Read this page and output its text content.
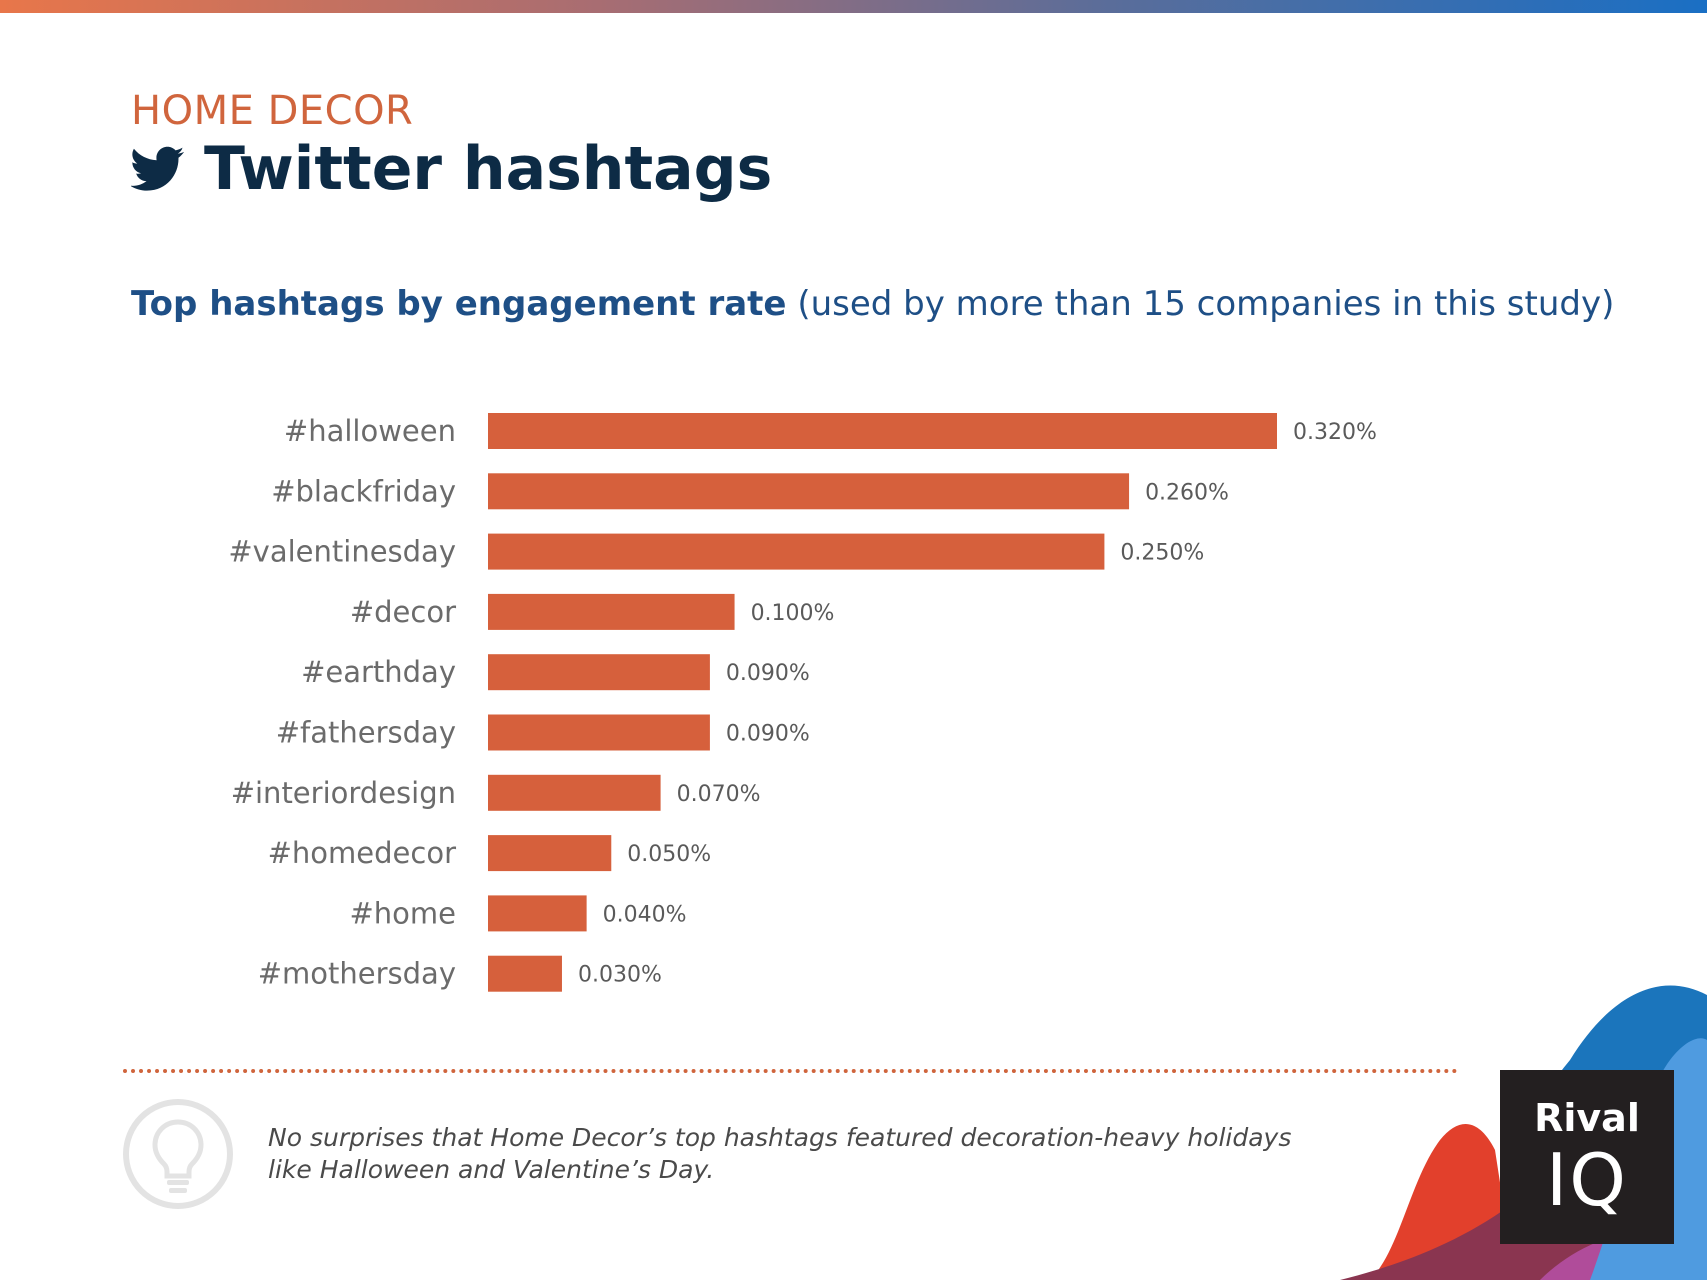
HOME DECOR
Twitter hashtags
Top hashtags by engagement rate (used by more than 15 companies in this study)
#halloween	0.320%
#blackfriday	0.260%
#valentinesday	0.250%
#decor	0.100%
#earthday	0.090%
#fathersday	0.090%
#interiordesign	0.070%
#homedecor	0.050%
#home	0.040%
#mothersday	0.030%
No surprises that Home Decor’s top hashtags featured decoration-heavy holidays like Halloween and Valentine’s Day.
Rival
IQ
